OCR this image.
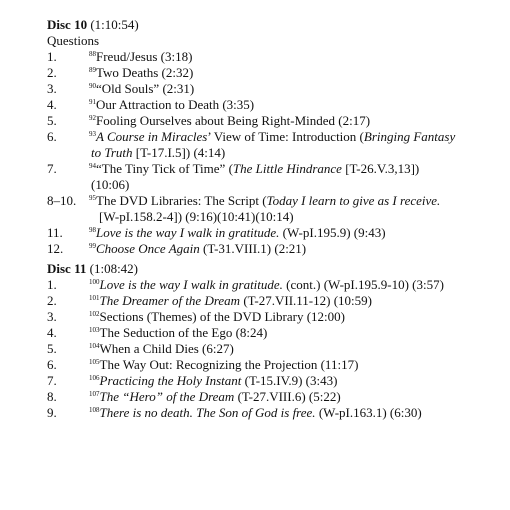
Disc 10 (1:10:54)
Questions
1.	$^{88}$Freud/Jesus (3:18)
2.	$^{89}$Two Deaths (2:32)
3.	$^{90}$“Old Souls” (2:31)
4.	$^{91}$Our Attraction to Death (3:35)
5.	$^{92}$Fooling Ourselves about Being Right-Minded (2:17)
6.	$^{93}$A Course in Miracles’ View of Time: Introduction (Bringing Fantasy
to Truth [T-17.I.5]) (4:14)
7.	$^{94}$“The Tiny Tick of Time” (The Little Hindrance [T-26.V.3,13])
(10:06)
8–10. $^{95}$The DVD Libraries: The Script (Today I learn to give as I receive.
[W-pI.158.2-4]) (9:16)(10:41)(10:14)
11.	$^{98}$Love is the way I walk in gratitude. (W-pI.195.9) (9:43)
12.	$^{99}$Choose Once Again (T-31.VIII.1) (2:21)
Disc 11 (1:08:42)
1.	$^{100}$Love is the way I walk in gratitude. (cont.) (W-pI.195.9-10) (3:57)
2.	$^{101}$The Dreamer of the Dream (T-27.VII.11-12) (10:59)
3.	$^{102}$Sections (Themes) of the DVD Library (12:00)
4.	$^{103}$The Seduction of the Ego (8:24)
5.	$^{104}$When a Child Dies (6:27)
6.	$^{105}$The Way Out: Recognizing the Projection (11:17)
7.	$^{106}$Practicing the Holy Instant (T-15.IV.9) (3:43)
8.	$^{107}$The “Hero” of the Dream (T-27.VIII.6) (5:22)
9.	$^{108}$There is no death. The Son of God is free. (W-pI.163.1) (6:30)
